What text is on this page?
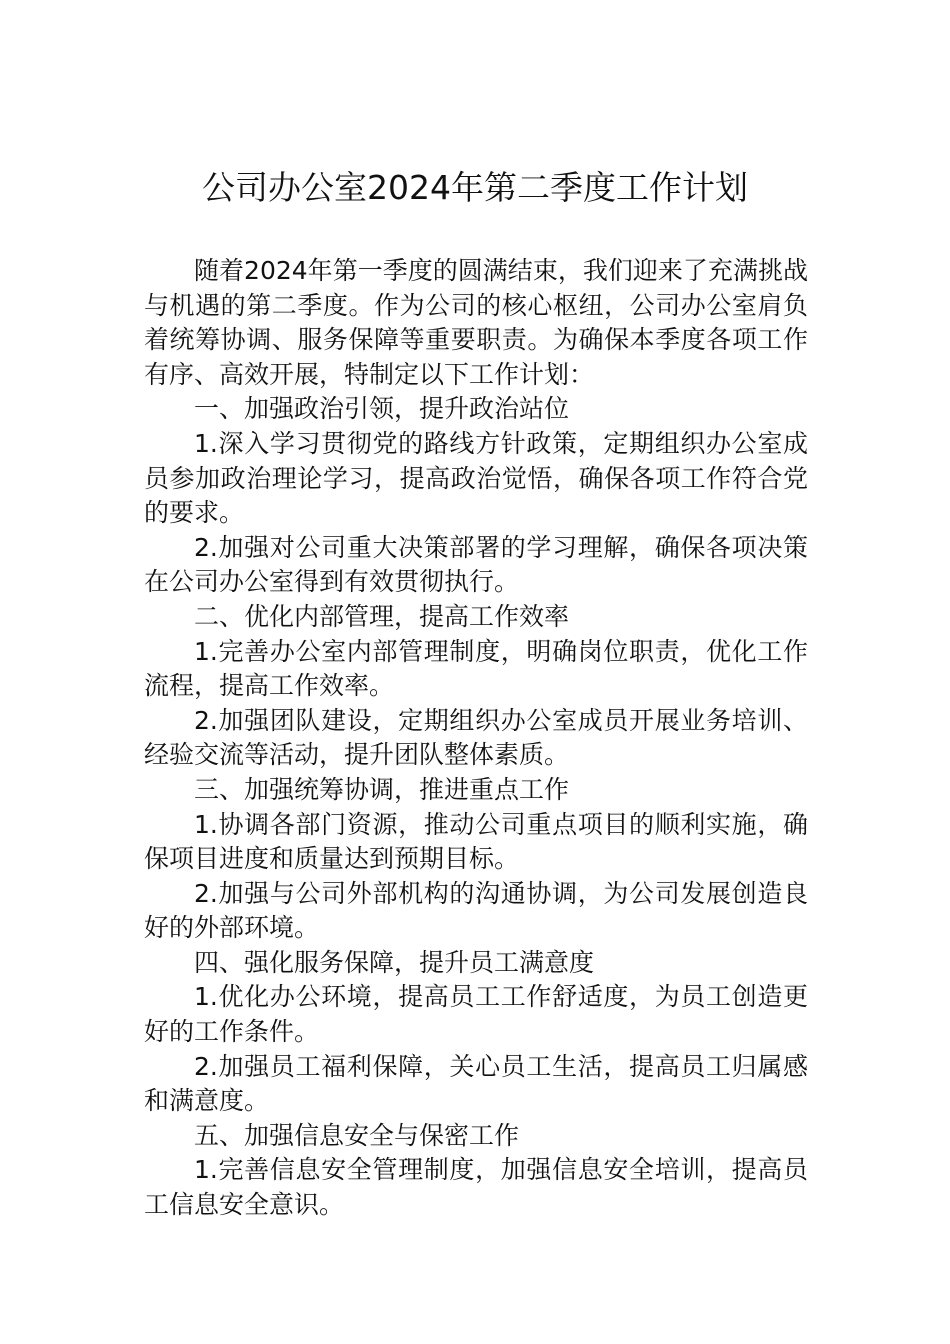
公司办公室2024年第二季度工作计划

随着2024年第一季度的圆满结束，我们迎来了充满挑战与机遇的第二季度。作为公司的核心枢纽，公司办公室肩负着统筹协调、服务保障等重要职责。为确保本季度各项工作有序、高效开展，特制定以下工作计划：

一、加强政治引领，提升政治站位

1.深入学习贯彻党的路线方针政策，定期组织办公室成员参加政治理论学习，提高政治觉悟，确保各项工作符合党的要求。

2.加强对公司重大决策部署的学习理解，确保各项决策在公司办公室得到有效贯彻执行。

二、优化内部管理，提高工作效率

1.完善办公室内部管理制度，明确岗位职责，优化工作流程，提高工作效率。

2.加强团队建设，定期组织办公室成员开展业务培训、经验交流等活动，提升团队整体素质。

三、加强统筹协调，推进重点工作

1.协调各部门资源，推动公司重点项目的顺利实施，确保项目进度和质量达到预期目标。

2.加强与公司外部机构的沟通协调，为公司发展创造良好的外部环境。

四、强化服务保障，提升员工满意度

1.优化办公环境，提高员工工作舒适度，为员工创造更好的工作条件。

2.加强员工福利保障，关心员工生活，提高员工归属感和满意度。

五、加强信息安全与保密工作

1.完善信息安全管理制度，加强信息安全培训，提高员工信息安全意识。
